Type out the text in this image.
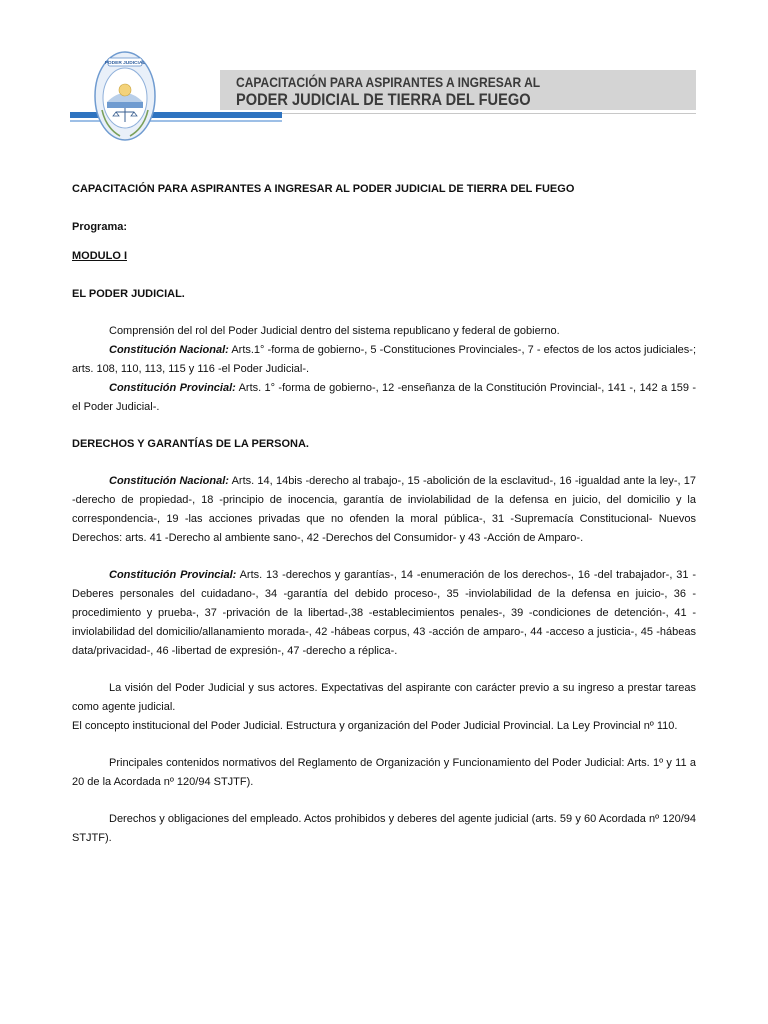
PODER JUDICIAL
CAPACITACIÓN PARA ASPIRANTES A INGRESAR AL
PODER JUDICIAL DE TIERRA DEL FUEGO

CAPACITACIÓN PARA ASPIRANTES A INGRESAR AL PODER JUDICIAL DE TIERRA DEL FUEGO

Programa:

MODULO I

EL PODER JUDICIAL.

Comprensión del rol del Poder Judicial dentro del sistema republicano y federal de gobierno.

Constitución Nacional: Arts.1° -forma de gobierno-, 5 -Constituciones Provinciales-, 7 - efectos de los actos judiciales-; arts. 108, 110, 113, 115 y 116 -el Poder Judicial-.

Constitución Provincial: Arts. 1° -forma de gobierno-, 12 -enseñanza de la Constitución Provincial-, 141 -, 142 a 159 -el Poder Judicial-.

DERECHOS Y GARANTÍAS DE LA PERSONA.

Constitución Nacional: Arts. 14, 14bis -derecho al trabajo-, 15 -abolición de la esclavitud-, 16 -igualdad ante la ley-, 17 -derecho de propiedad-, 18 -principio de inocencia, garantía de inviolabilidad de la defensa en juicio, del domicilio y la correspondencia-, 19 -las acciones privadas que no ofenden la moral pública-, 31 -Supremacía Constitucional- Nuevos Derechos: arts. 41 -Derecho al ambiente sano-, 42 -Derechos del Consumidor- y 43 -Acción de Amparo-.

Constitución Provincial: Arts. 13 -derechos y garantías-, 14 -enumeración de los derechos-, 16 -del trabajador-, 31 -Deberes personales del cuidadano-, 34 -garantía del debido proceso-, 35 -inviolabilidad de la defensa en juicio-, 36 -procedimiento y prueba-, 37 -privación de la libertad-,38 -establecimientos penales-, 39 -condiciones de detención-, 41 -inviolabilidad del domicilio/allanamiento morada-, 42 -hábeas corpus, 43 -acción de amparo-, 44 -acceso a justicia-, 45 -hábeas data/privacidad-, 46 -libertad de expresión-, 47 -derecho a réplica-.

La visión del Poder Judicial y sus actores. Expectativas del aspirante con carácter previo a su ingreso a prestar tareas como agente judicial.

El concepto institucional del Poder Judicial. Estructura y organización del Poder Judicial Provincial. La Ley Provincial nº 110.

Principales contenidos normativos del Reglamento de Organización y Funcionamiento del Poder Judicial: Arts. 1º y 11 a 20 de la Acordada nº 120/94 STJTF).

Derechos y obligaciones del empleado. Actos prohibidos y deberes del agente judicial (arts. 59 y 60 Acordada nº 120/94 STJTF).
